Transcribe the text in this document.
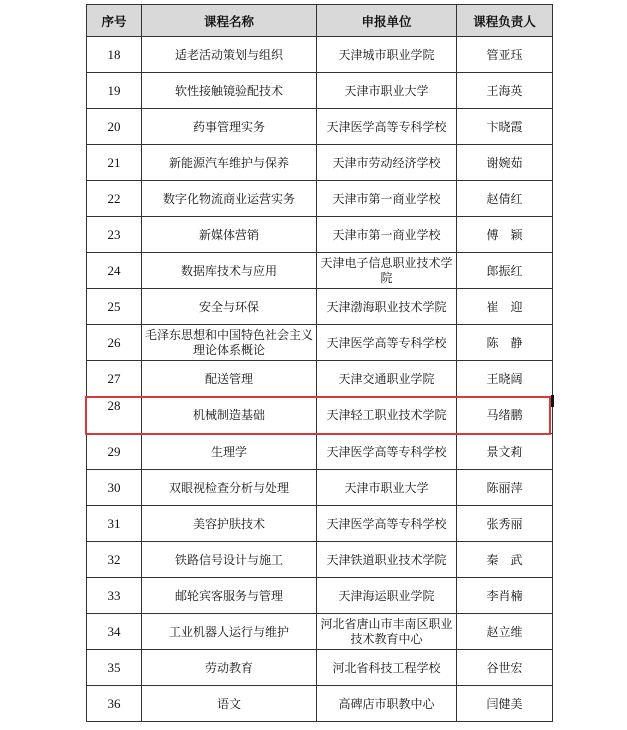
序号	课程名称	申报单位	课程负责人
18	适老活动策划与组织	天津城市职业学院	管亚珏
19	软性接触镜验配技术	天津市职业大学	王海英
20	药事管理实务	天津医学高等专科学校	卞晓霞
21	新能源汽车维护与保养	天津市劳动经济学校	谢婉茹
22	数字化物流商业运营实务	天津市第一商业学校	赵倩红
23	新媒体营销	天津市第一商业学校	傅　颖
24	数据库技术与应用	天津电子信息职业技术学院	郎振红
25	安全与环保	天津渤海职业技术学院	崔　迎
26	毛泽东思想和中国特色社会主义理论体系概论	天津医学高等专科学校	陈　静
27	配送管理	天津交通职业学院	王晓阔
28	机械制造基础	天津轻工职业技术学院	马绪鹏
29	生理学	天津医学高等专科学校	景文莉
30	双眼视检查分析与处理	天津市职业大学	陈丽萍
31	美容护肤技术	天津医学高等专科学校	张秀丽
32	铁路信号设计与施工	天津铁道职业技术学院	秦　武
33	邮轮宾客服务与管理	天津海运职业学院	李肖楠
34	工业机器人运行与维护	河北省唐山市丰南区职业技术教育中心	赵立维
35	劳动教育	河北省科技工程学校	谷世宏
36	语文	高碑店市职教中心	闫健美
